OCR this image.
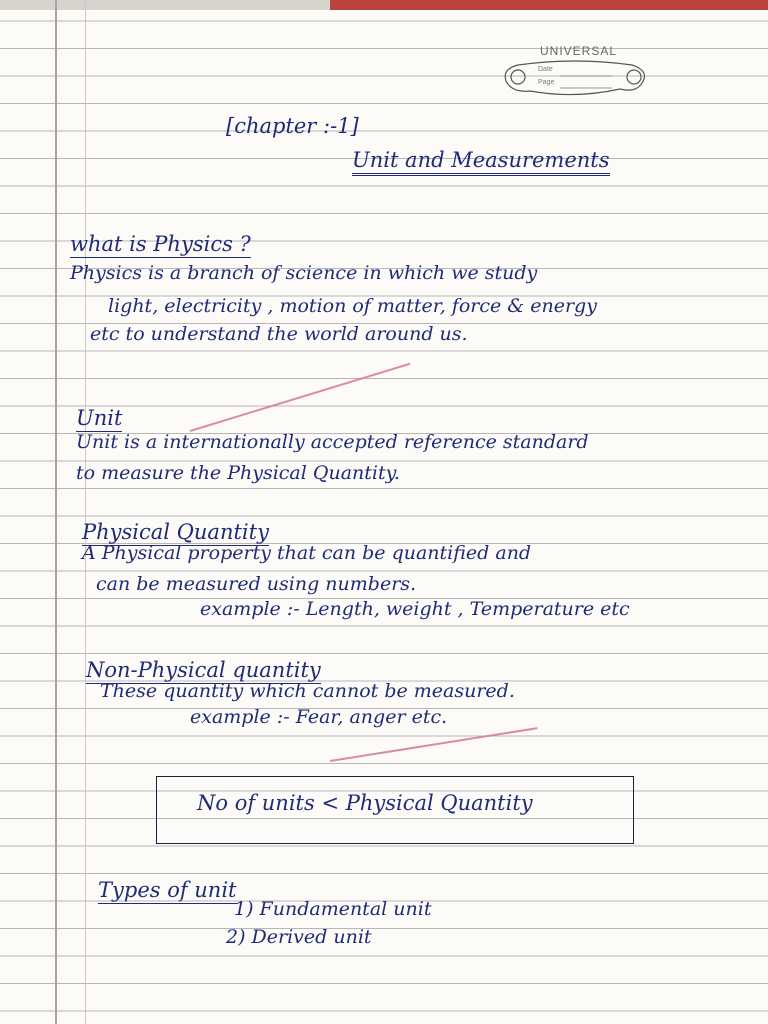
UNIVERSAL
Date
Page
[chapter :-1]
Unit and Measurements
what is Physics ?
Physics is a branch of science in which we study
light, electricity , motion of matter, force & energy
etc to understand the world around us.
Unit
Unit is a internationally accepted reference standard
to measure the Physical Quantity.
Physical Quantity
A Physical property that can be quantified and
can be measured using numbers.
example :- Length, weight , Temperature etc
Non-Physical quantity
These quantity which cannot be measured.
example :- Fear, anger etc.
No of units < Physical Quantity
Types of unit
1) Fundamental unit
2) Derived unit
